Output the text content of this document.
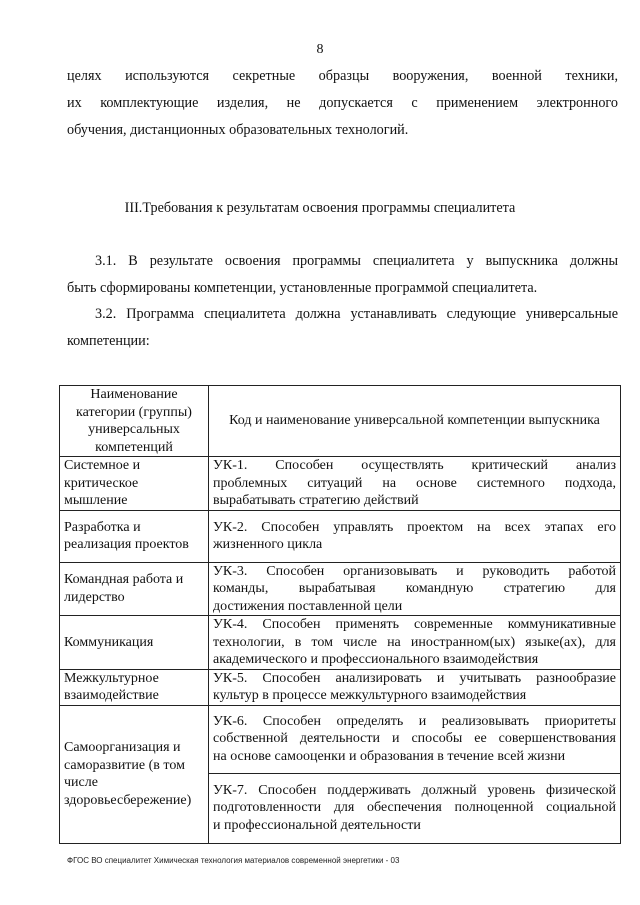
8

целях используются секретные образцы вооружения, военной техники,
их комплектующие изделия, не допускается с применением электронного
обучения, дистанционных образовательных технологий.

III.Требования к результатам освоения программы специалитета

3.1. В результате освоения программы специалитета у выпускника должны
быть сформированы компетенции, установленные программой специалитета.

3.2. Программа специалитета должна устанавливать следующие универсальные
компетенции:

Наименование категории (группы) универсальных компетенций	Код и наименование универсальной компетенции выпускника
Системное и критическое мышление	УК-1. Способен осуществлять критический анализ
проблемных ситуаций на основе системного подхода,
вырабатывать стратегию действий

Разработка и реализация проектов	УК-2. Способен управлять проектом на всех этапах его
жизненного цикла

Командная работа и лидерство	УК-3. Способен организовывать и руководить работой
команды, вырабатывая командную стратегию для
достижения поставленной цели

Коммуникация	УК-4. Способен применять современные коммуникативные
технологии, в том числе на иностранном(ых) языке(ах), для
академического и профессионального взаимодействия

Межкультурное взаимодействие	УК-5. Способен анализировать и учитывать разнообразие
культур в процессе межкультурного взаимодействия

Самоорганизация и саморазвитие (в том числе здоровьесбережение)	УК-6. Способен определять и реализовывать приоритеты
собственной деятельности и способы ее совершенствования
на основе самооценки и образования в течение всей жизни

	УК-7. Способен поддерживать должный уровень физической
подготовленности для обеспечения полноценной социальной
и профессиональной деятельности
ФГОС ВО специалитет Химическая технология материалов современной энергетики - 03
